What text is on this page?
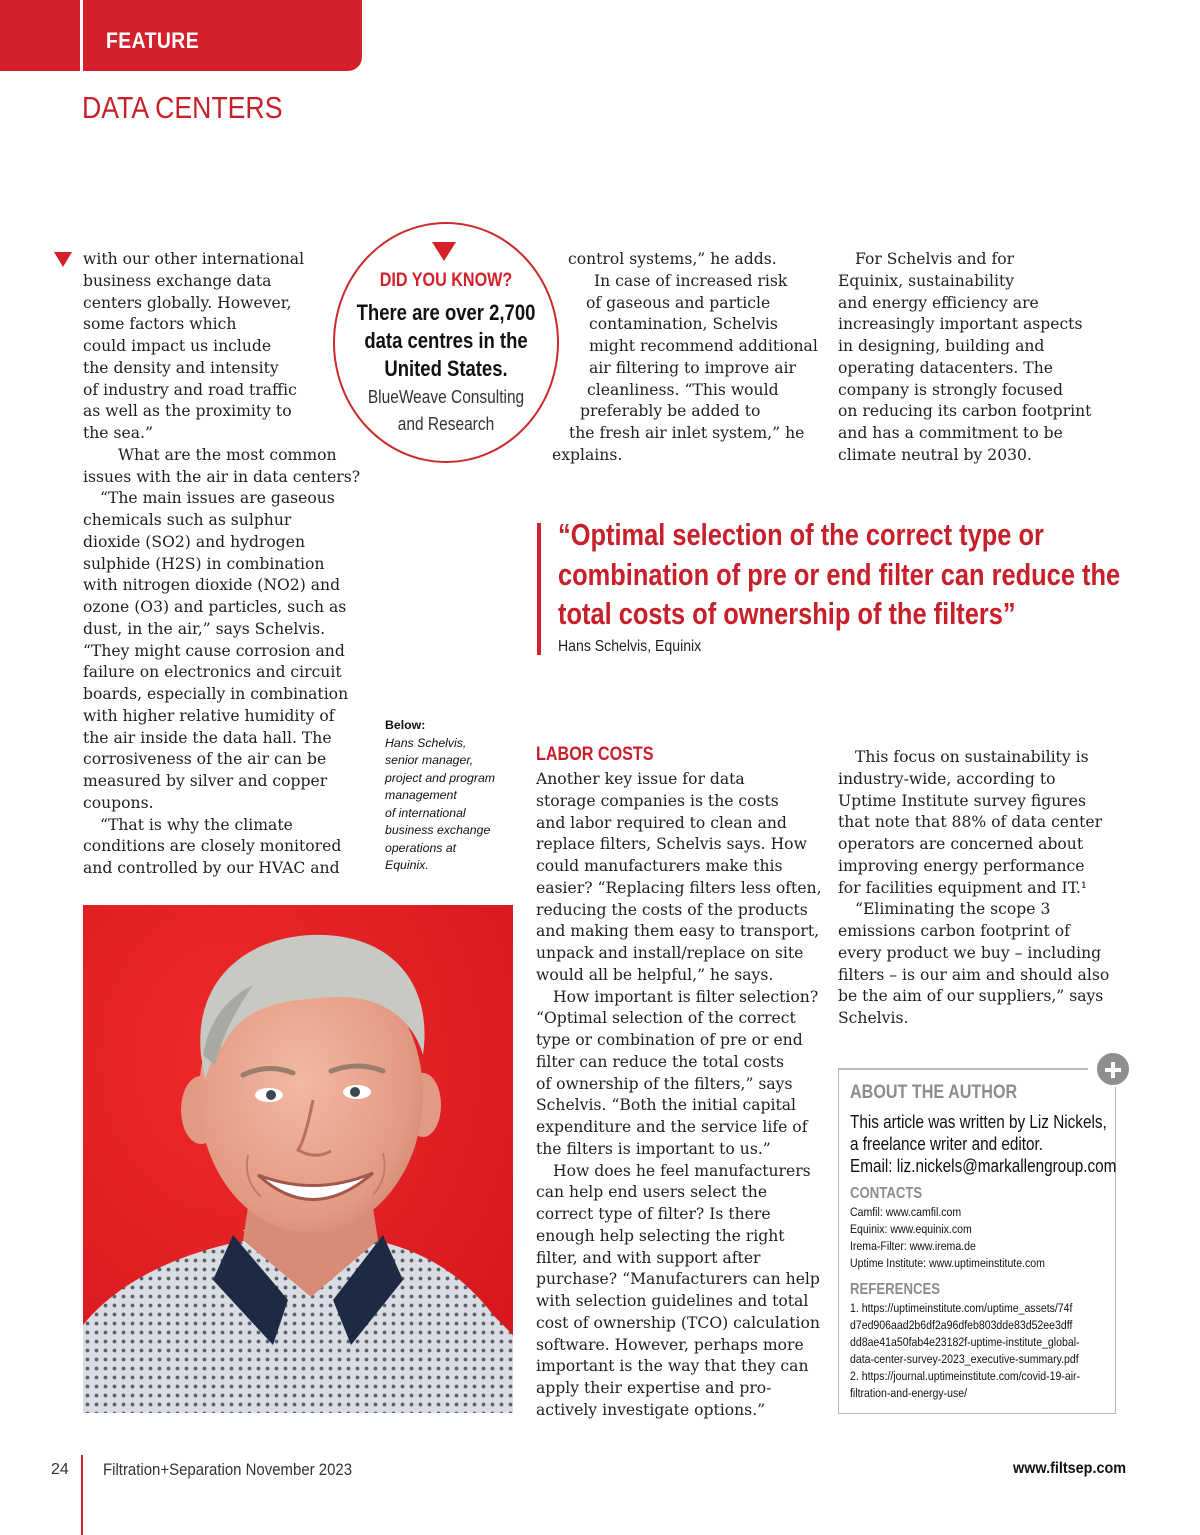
FEATURE
DATA CENTERS
with our other international
business exchange data
centers globally. However,
some factors which
could impact us include
the density and intensity
of industry and road traffic
as well as the proximity to
the sea.”
What are the most common
issues with the air in data centers?
“The main issues are gaseous
chemicals such as sulphur
dioxide (SO2) and hydrogen
sulphide (H2S) in combination
with nitrogen dioxide (NO2) and
ozone (O3) and particles, such as
dust, in the air,” says Schelvis.
“They might cause corrosion and
failure on electronics and circuit
boards, especially in combination
with higher relative humidity of
the air inside the data hall. The
corrosiveness of the air can be
measured by silver and copper
coupons.
“That is why the climate
conditions are closely monitored
and controlled by our HVAC and
DID YOU KNOW?
There are over 2,700
data centres in the
United States.
BlueWeave Consulting
and Research
control systems,” he adds.
In case of increased risk
of gaseous and particle
contamination, Schelvis
might recommend additional
air filtering to improve air
cleanliness. “This would
preferably be added to
the fresh air inlet system,” he
explains.
For Schelvis and for
Equinix, sustainability
and energy efficiency are
increasingly important aspects
in designing, building and
operating datacenters. The
company is strongly focused
on reducing its carbon footprint
and has a commitment to be
climate neutral by 2030.
“Optimal selection of the correct type or
combination of pre or end filter can reduce the
total costs of ownership of the filters”
Hans Schelvis, Equinix
Below:
Hans Schelvis,
senior manager,
project and program
management
of international
business exchange
operations at
Equinix.
LABOR COSTS
Another key issue for data
storage companies is the costs
and labor required to clean and
replace filters, Schelvis says. How
could manufacturers make this
easier? “Replacing filters less often,
reducing the costs of the products
and making them easy to transport,
unpack and install/replace on site
would all be helpful,” he says.
How important is filter selection?
“Optimal selection of the correct
type or combination of pre or end
filter can reduce the total costs
of ownership of the filters,” says
Schelvis. “Both the initial capital
expenditure and the service life of
the filters is important to us.”
How does he feel manufacturers
can help end users select the
correct type of filter? Is there
enough help selecting the right
filter, and with support after
purchase? “Manufacturers can help
with selection guidelines and total
cost of ownership (TCO) calculation
software. However, perhaps more
important is the way that they can
apply their expertise and pro-
actively investigate options.”
This focus on sustainability is
industry-wide, according to
Uptime Institute survey figures
that note that 88% of data center
operators are concerned about
improving energy performance
for facilities equipment and IT.¹
“Eliminating the scope 3
emissions carbon footprint of
every product we buy – including
filters – is our aim and should also
be the aim of our suppliers,” says
Schelvis.
ABOUT THE AUTHOR
This article was written by Liz Nickels,
a freelance writer and editor.
Email: liz.nickels@markallengroup.com
CONTACTS
Camfil: www.camfil.com
Equinix: www.equinix.com
Irema-Filter: www.irema.de
Uptime Institute: www.uptimeinstitute.com
REFERENCES
1. https://uptimeinstitute.com/uptime_assets/74f
d7ed906aad2b6df2a96dfeb803dde83d52ee3dff
dd8ae41a50fab4e23182f-uptime-institute_global-
data-center-survey-2023_executive-summary.pdf
2. https://journal.uptimeinstitute.com/covid-19-air-
filtration-and-energy-use/
24 Filtration+Separation November 2023	www.filtsep.com
